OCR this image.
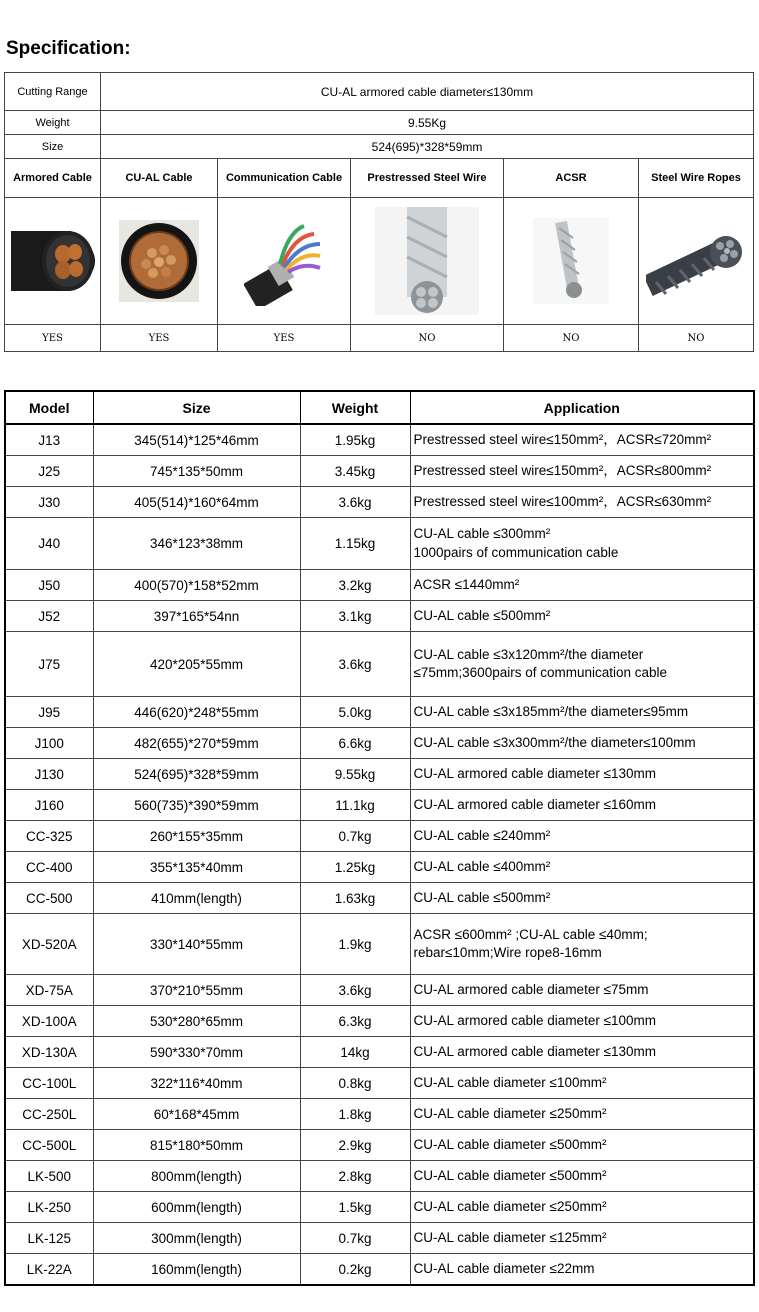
Specification:
Cutting Range	CU-AL armored cable diameter≤130mm				
Weight	9.55Kg				
Size	524(695)*328*59mm				
Armored Cable	CU-AL Cable	Communication Cable	Prestressed Steel Wire	ACSR	Steel Wire Ropes

YES	YES	YES	NO	NO	NO
Model	Size	Weight	Application
J13	345(514)*125*46mm	1.95kg	Prestressed steel wire≤150mm²，ACSR≤720mm²

J25	745*135*50mm	3.45kg	Prestressed steel wire≤150mm²，ACSR≤800mm²

J30	405(514)*160*64mm	3.6kg	Prestressed steel wire≤100mm²，ACSR≤630mm²

J40	346*123*38mm	1.15kg	CU-AL cable ≤300mm²
1000pairs of communication cable

J50	400(570)*158*52mm	3.2kg	ACSR ≤1440mm²

J52	397*165*54nn	3.1kg	CU-AL cable ≤500mm²

J75	420*205*55mm	3.6kg	CU-AL cable ≤3x120mm²/the diameter
≤75mm;3600pairs of communication cable

J95	446(620)*248*55mm	5.0kg	CU-AL cable ≤3x185mm²/the diameter≤95mm

J100	482(655)*270*59mm	6.6kg	CU-AL cable ≤3x300mm²/the diameter≤100mm

J130	524(695)*328*59mm	9.55kg	CU-AL armored cable diameter ≤130mm

J160	560(735)*390*59mm	11.1kg	CU-AL armored cable diameter ≤160mm

CC-325	260*155*35mm	0.7kg	CU-AL cable ≤240mm²

CC-400	355*135*40mm	1.25kg	CU-AL cable ≤400mm²

CC-500	410mm(length)	1.63kg	CU-AL cable ≤500mm²

XD-520A	330*140*55mm	1.9kg	ACSR ≤600mm² ;CU-AL cable ≤40mm;
rebar≤10mm;Wire rope8-16mm

XD-75A	370*210*55mm	3.6kg	CU-AL armored cable diameter ≤75mm

XD-100A	530*280*65mm	6.3kg	CU-AL armored cable diameter ≤100mm

XD-130A	590*330*70mm	14kg	CU-AL armored cable diameter ≤130mm

CC-100L	322*116*40mm	0.8kg	CU-AL cable diameter ≤100mm²

CC-250L	60*168*45mm	1.8kg	CU-AL cable diameter ≤250mm²

CC-500L	815*180*50mm	2.9kg	CU-AL cable diameter ≤500mm²

LK-500	800mm(length)	2.8kg	CU-AL cable diameter ≤500mm²

LK-250	600mm(length)	1.5kg	CU-AL cable diameter ≤250mm²

LK-125	300mm(length)	0.7kg	CU-AL cable diameter ≤125mm²

LK-22A	160mm(length)	0.2kg	CU-AL cable diameter ≤22mm
